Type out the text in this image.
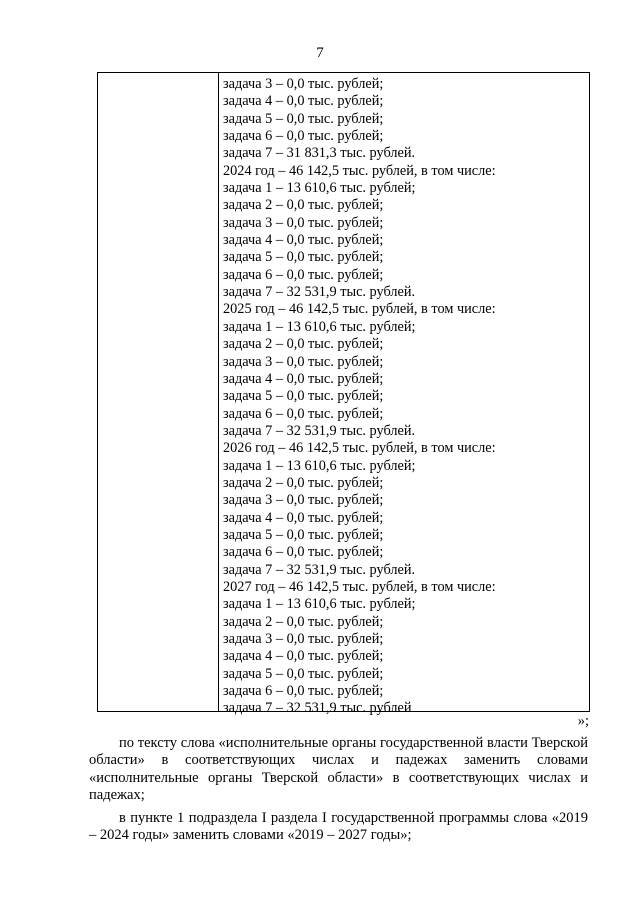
7
задача 3 – 0,0 тыс. рублей;
задача 4 – 0,0 тыс. рублей;
задача 5 – 0,0 тыс. рублей;
задача 6 – 0,0 тыс. рублей;
задача 7 – 31 831,3 тыс. рублей.
2024 год – 46 142,5 тыс. рублей, в том числе:
задача 1 – 13 610,6 тыс. рублей;
задача 2 – 0,0 тыс. рублей;
задача 3 – 0,0 тыс. рублей;
задача 4 – 0,0 тыс. рублей;
задача 5 – 0,0 тыс. рублей;
задача 6 – 0,0 тыс. рублей;
задача 7 – 32 531,9 тыс. рублей.
2025 год – 46 142,5 тыс. рублей, в том числе:
задача 1 – 13 610,6 тыс. рублей;
задача 2 – 0,0 тыс. рублей;
задача 3 – 0,0 тыс. рублей;
задача 4 – 0,0 тыс. рублей;
задача 5 – 0,0 тыс. рублей;
задача 6 – 0,0 тыс. рублей;
задача 7 – 32 531,9 тыс. рублей.
2026 год – 46 142,5 тыс. рублей, в том числе:
задача 1 – 13 610,6 тыс. рублей;
задача 2 – 0,0 тыс. рублей;
задача 3 – 0,0 тыс. рублей;
задача 4 – 0,0 тыс. рублей;
задача 5 – 0,0 тыс. рублей;
задача 6 – 0,0 тыс. рублей;
задача 7 – 32 531,9 тыс. рублей.
2027 год – 46 142,5 тыс. рублей, в том числе:
задача 1 – 13 610,6 тыс. рублей;
задача 2 – 0,0 тыс. рублей;
задача 3 – 0,0 тыс. рублей;
задача 4 – 0,0 тыс. рублей;
задача 5 – 0,0 тыс. рублей;
задача 6 – 0,0 тыс. рублей;
задача 7 – 32 531,9 тыс. рублей
»;
по тексту слова «исполнительные органы государственной власти Тверской области» в соответствующих числах и падежах заменить словами «исполнительные органы Тверской области» в соответствующих числах и падежах;
в пункте 1 подраздела I раздела I государственной программы слова «2019 – 2024 годы» заменить словами «2019 – 2027 годы»;
